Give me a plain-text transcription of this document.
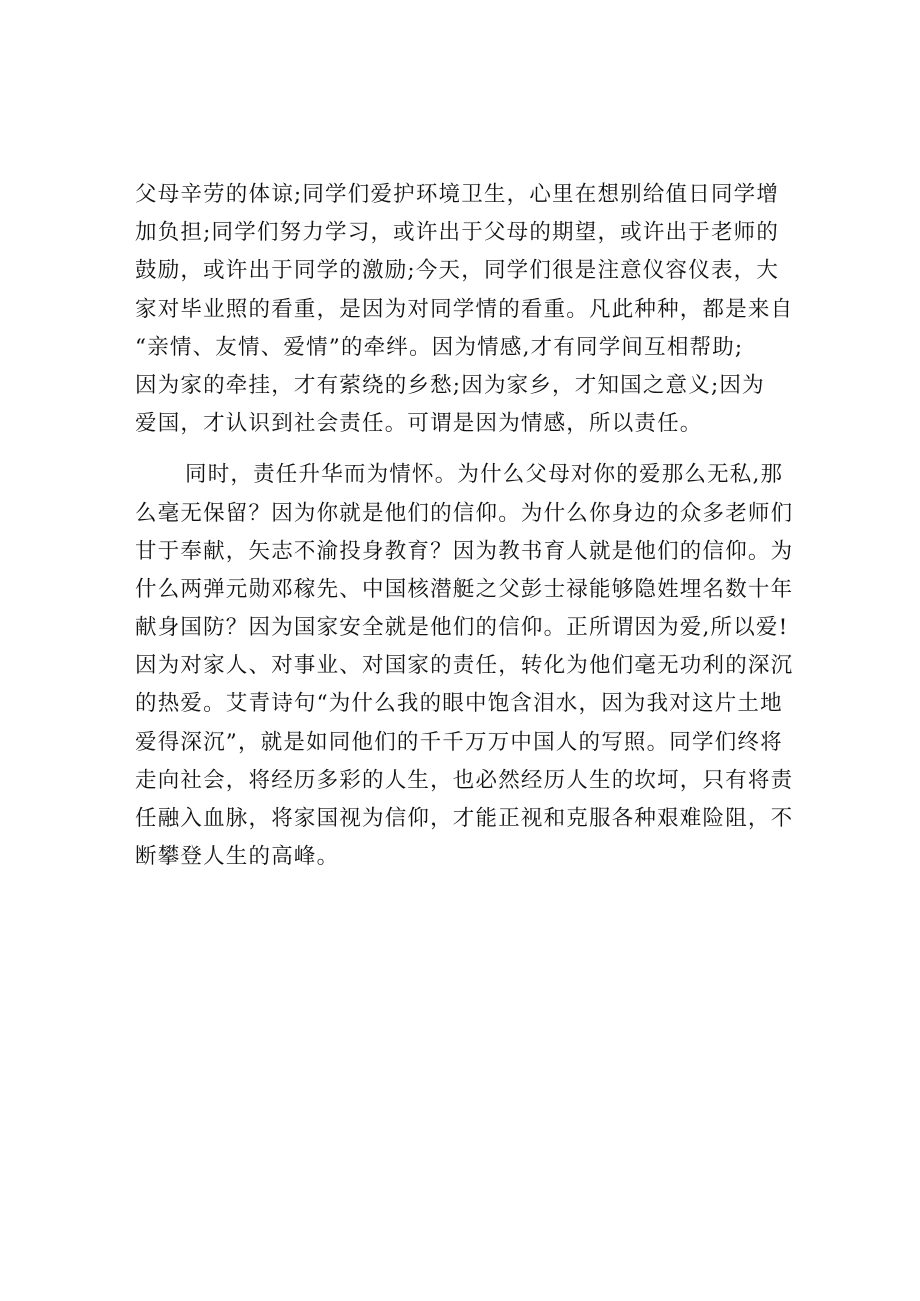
父母辛劳的体谅;同学们爱护环境卫生，心里在想别给值日同学增
加负担;同学们努力学习，或许出于父母的期望，或许出于老师的
鼓励，或许出于同学的激励;今天，同学们很是注意仪容仪表，大
家对毕业照的看重，是因为对同学情的看重。凡此种种，都是来自
“亲情、友情、爱情”的牵绊。因为情感,才有同学间互相帮助;
因为家的牵挂，才有萦绕的乡愁;因为家乡，才知国之意义;因为
爱国，才认识到社会责任。可谓是因为情感，所以责任。
同时，责任升华而为情怀。为什么父母对你的爱那么无私,那
么毫无保留？因为你就是他们的信仰。为什么你身边的众多老师们
甘于奉献，矢志不渝投身教育？因为教书育人就是他们的信仰。为
什么两弹元勋邓稼先、中国核潜艇之父彭士禄能够隐姓埋名数十年
献身国防？因为国家安全就是他们的信仰。正所谓因为爱,所以爱!
因为对家人、对事业、对国家的责任，转化为他们毫无功利的深沉
的热爱。艾青诗句“为什么我的眼中饱含泪水，因为我对这片土地
爱得深沉”，就是如同他们的千千万万中国人的写照。同学们终将
走向社会，将经历多彩的人生，也必然经历人生的坎坷，只有将责
任融入血脉，将家国视为信仰，才能正视和克服各种艰难险阻，不
断攀登人生的高峰。
